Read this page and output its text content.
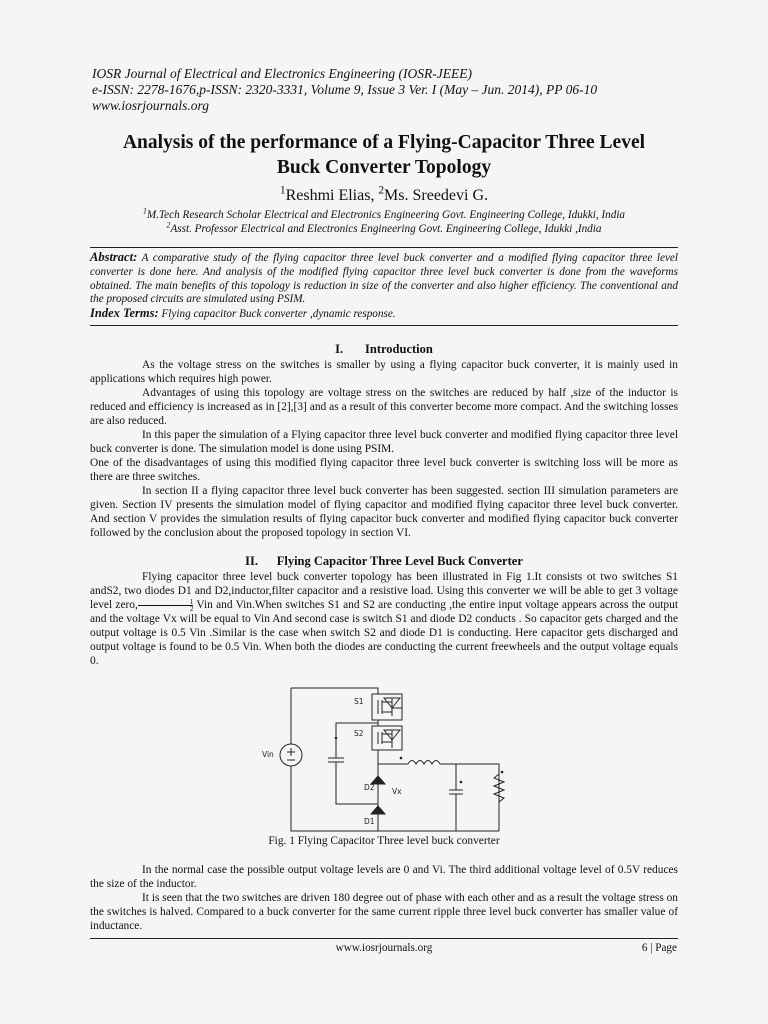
IOSR Journal of Electrical and Electronics Engineering (IOSR-JEEE)
e-ISSN: 2278-1676,p-ISSN: 2320-3331, Volume 9, Issue 3 Ver. I (May – Jun. 2014), PP 06-10
www.iosrjournals.org
Analysis of the performance of a Flying-Capacitor Three Level
Buck Converter Topology
$^1$Reshmi Elias, $^2$Ms. Sreedevi G.
$^1$M.Tech Research Scholar Electrical and Electronics Engineering Govt. Engineering College, Idukki, India
$^2$Asst. Professor Electrical and Electronics Engineering Govt. Engineering College, Idukki ,India
Abstract: A comparative study of the flying capacitor three level buck converter and a modified flying capacitor three level converter is done here. And analysis of the modified flying capacitor three level buck converter is done from the waveforms obtained. The main benefits of this topology is reduction in size of the converter and also higher efficiency. The conventional and the proposed circuits are simulated using PSIM.
Index Terms: Flying capacitor Buck converter ,dynamic response.
I.       Introduction

As the voltage stress on the switches is smaller by using a flying capacitor buck converter, it is mainly used in applications which requires high power.

Advantages of using this topology are voltage stress on the switches are reduced by half ,size of the inductor is reduced and efficiency is increased as in [2],[3] and as a result of this converter become more compact. And the switching losses are also reduced.

In this paper the simulation of a Flying capacitor three level buck converter and modified flying capacitor three level buck converter is done. The simulation model is done using PSIM.

One of the disadvantages of using this modified flying capacitor three level buck converter is switching loss will be more as there are three switches.

In section II a flying capacitor three level buck converter has been suggested. section III simulation parameters are given. Section IV presents the simulation model of flying capacitor and modified flying capacitor three level buck converter. And section V provides the simulation results of flying capacitor buck converter and modified flying capacitor buck converter followed by the conclusion about the proposed topology in section VI.

II.      Flying Capacitor Three Level Buck Converter

Flying capacitor three level buck converter topology has been illustrated in Fig 1.It consists ot two switches S1 andS2, two diodes D1 and D2,inductor,filter capacitor and a resistive load. Using this converter we will be able to get 3 voltage level zero, $\frac{1}{2}$ Vin and Vin.When switches S1 and S2 are conducting ,the entire input voltage appears across the output and the voltage Vx will be equal to Vin And second case is switch S1 and diode D2 conducts . So capacitor gets charged and the output voltage is 0.5 Vin .Similar is the case when switch S2 and diode D1 is conducting. Here capacitor gets discharged and output voltage is found to be 0.5 Vin. When both the diodes are conducting the current freewheels and the output voltage equals 0.

S1
S2
Vin
Vx
D2
D1
Fig. 1 Flying Capacitor Three level buck converter

In the normal case the possible output voltage levels are 0 and Vi. The third additional voltage level of 0.5V reduces the size of the inductor.

It is seen that the two switches are driven 180 degree out of phase with each other and as a result the voltage stress on the switches is halved. Compared to a buck converter for the same current ripple three level buck converter has smaller value of inductance.

www.iosrjournals.org	6 | Page
